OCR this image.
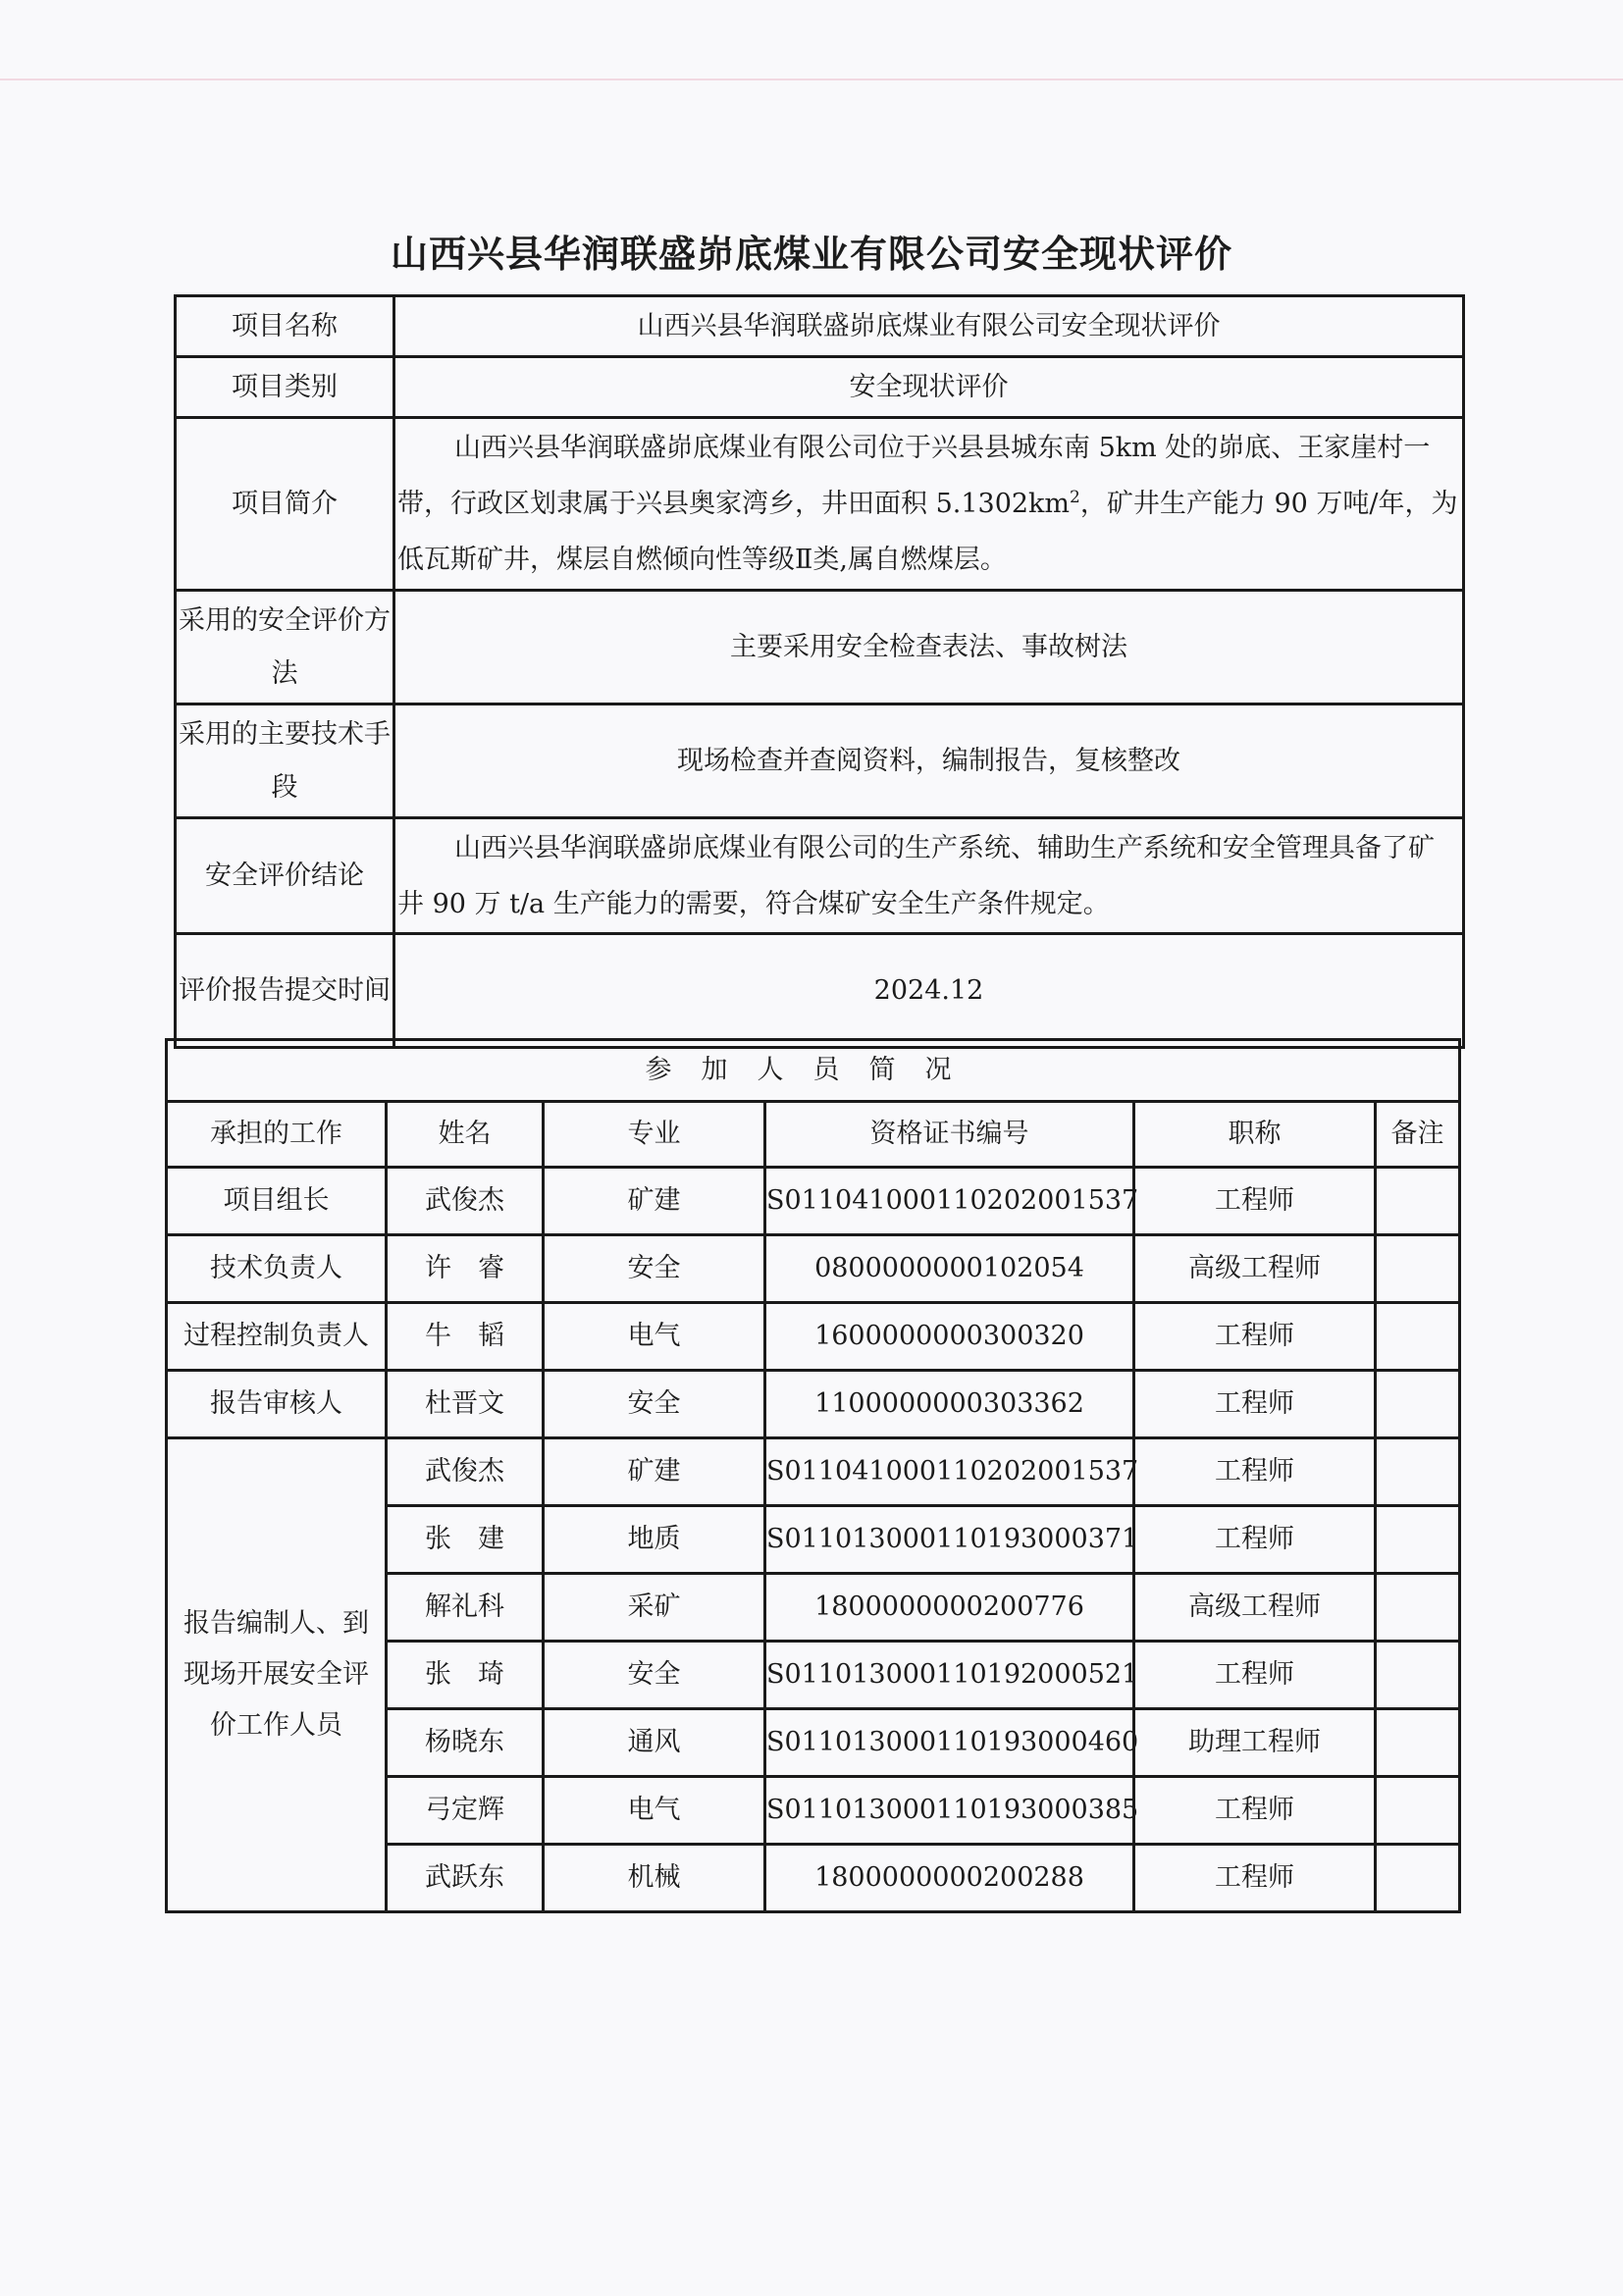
山西兴县华润联盛峁底煤业有限公司安全现状评价
项目名称	山西兴县华润联盛峁底煤业有限公司安全现状评价
项目类别	安全现状评价
项目简介	山西兴县华润联盛峁底煤业有限公司位于兴县县城东南 5km 处的峁底、王家崖村一带，行政区划隶属于兴县奥家湾乡，井田面积 $5.1302km^2$，矿井生产能力 90 万吨/年，为低瓦斯矿井，煤层自燃倾向性等级Ⅱ类,属自燃煤层。
采用的安全评价方法	主要采用安全检查表法、事故树法
采用的主要技术手段	现场检查并查阅资料，编制报告，复核整改
安全评价结论	山西兴县华润联盛峁底煤业有限公司的生产系统、辅助生产系统和安全管理具备了矿井 90 万 t/a 生产能力的需要，符合煤矿安全生产条件规定。
评价报告提交时间	2024.12
参加人员简况					
承担的工作	姓名	专业	资格证书编号	职称	备注
项目组长	武俊杰	矿建	S011041000110202001537	工程师	
技术负责人	许　睿	安全	0800000000102054	高级工程师	
过程控制负责人	牛　韬	电气	1600000000300320	工程师	
报告审核人	杜晋文	安全	1100000000303362	工程师	
报告编制人、到现场开展安全评价工作人员	武俊杰	矿建	S011041000110202001537	工程师	
	张　建	地质	S011013000110193000371	工程师	
	解礼科	采矿	1800000000200776	高级工程师	
	张　琦	安全	S011013000110192000521	工程师	
	杨晓东	通风	S011013000110193000460	助理工程师	
	弓定辉	电气	S011013000110193000385	工程师	
	武跃东	机械	1800000000200288	工程师	
